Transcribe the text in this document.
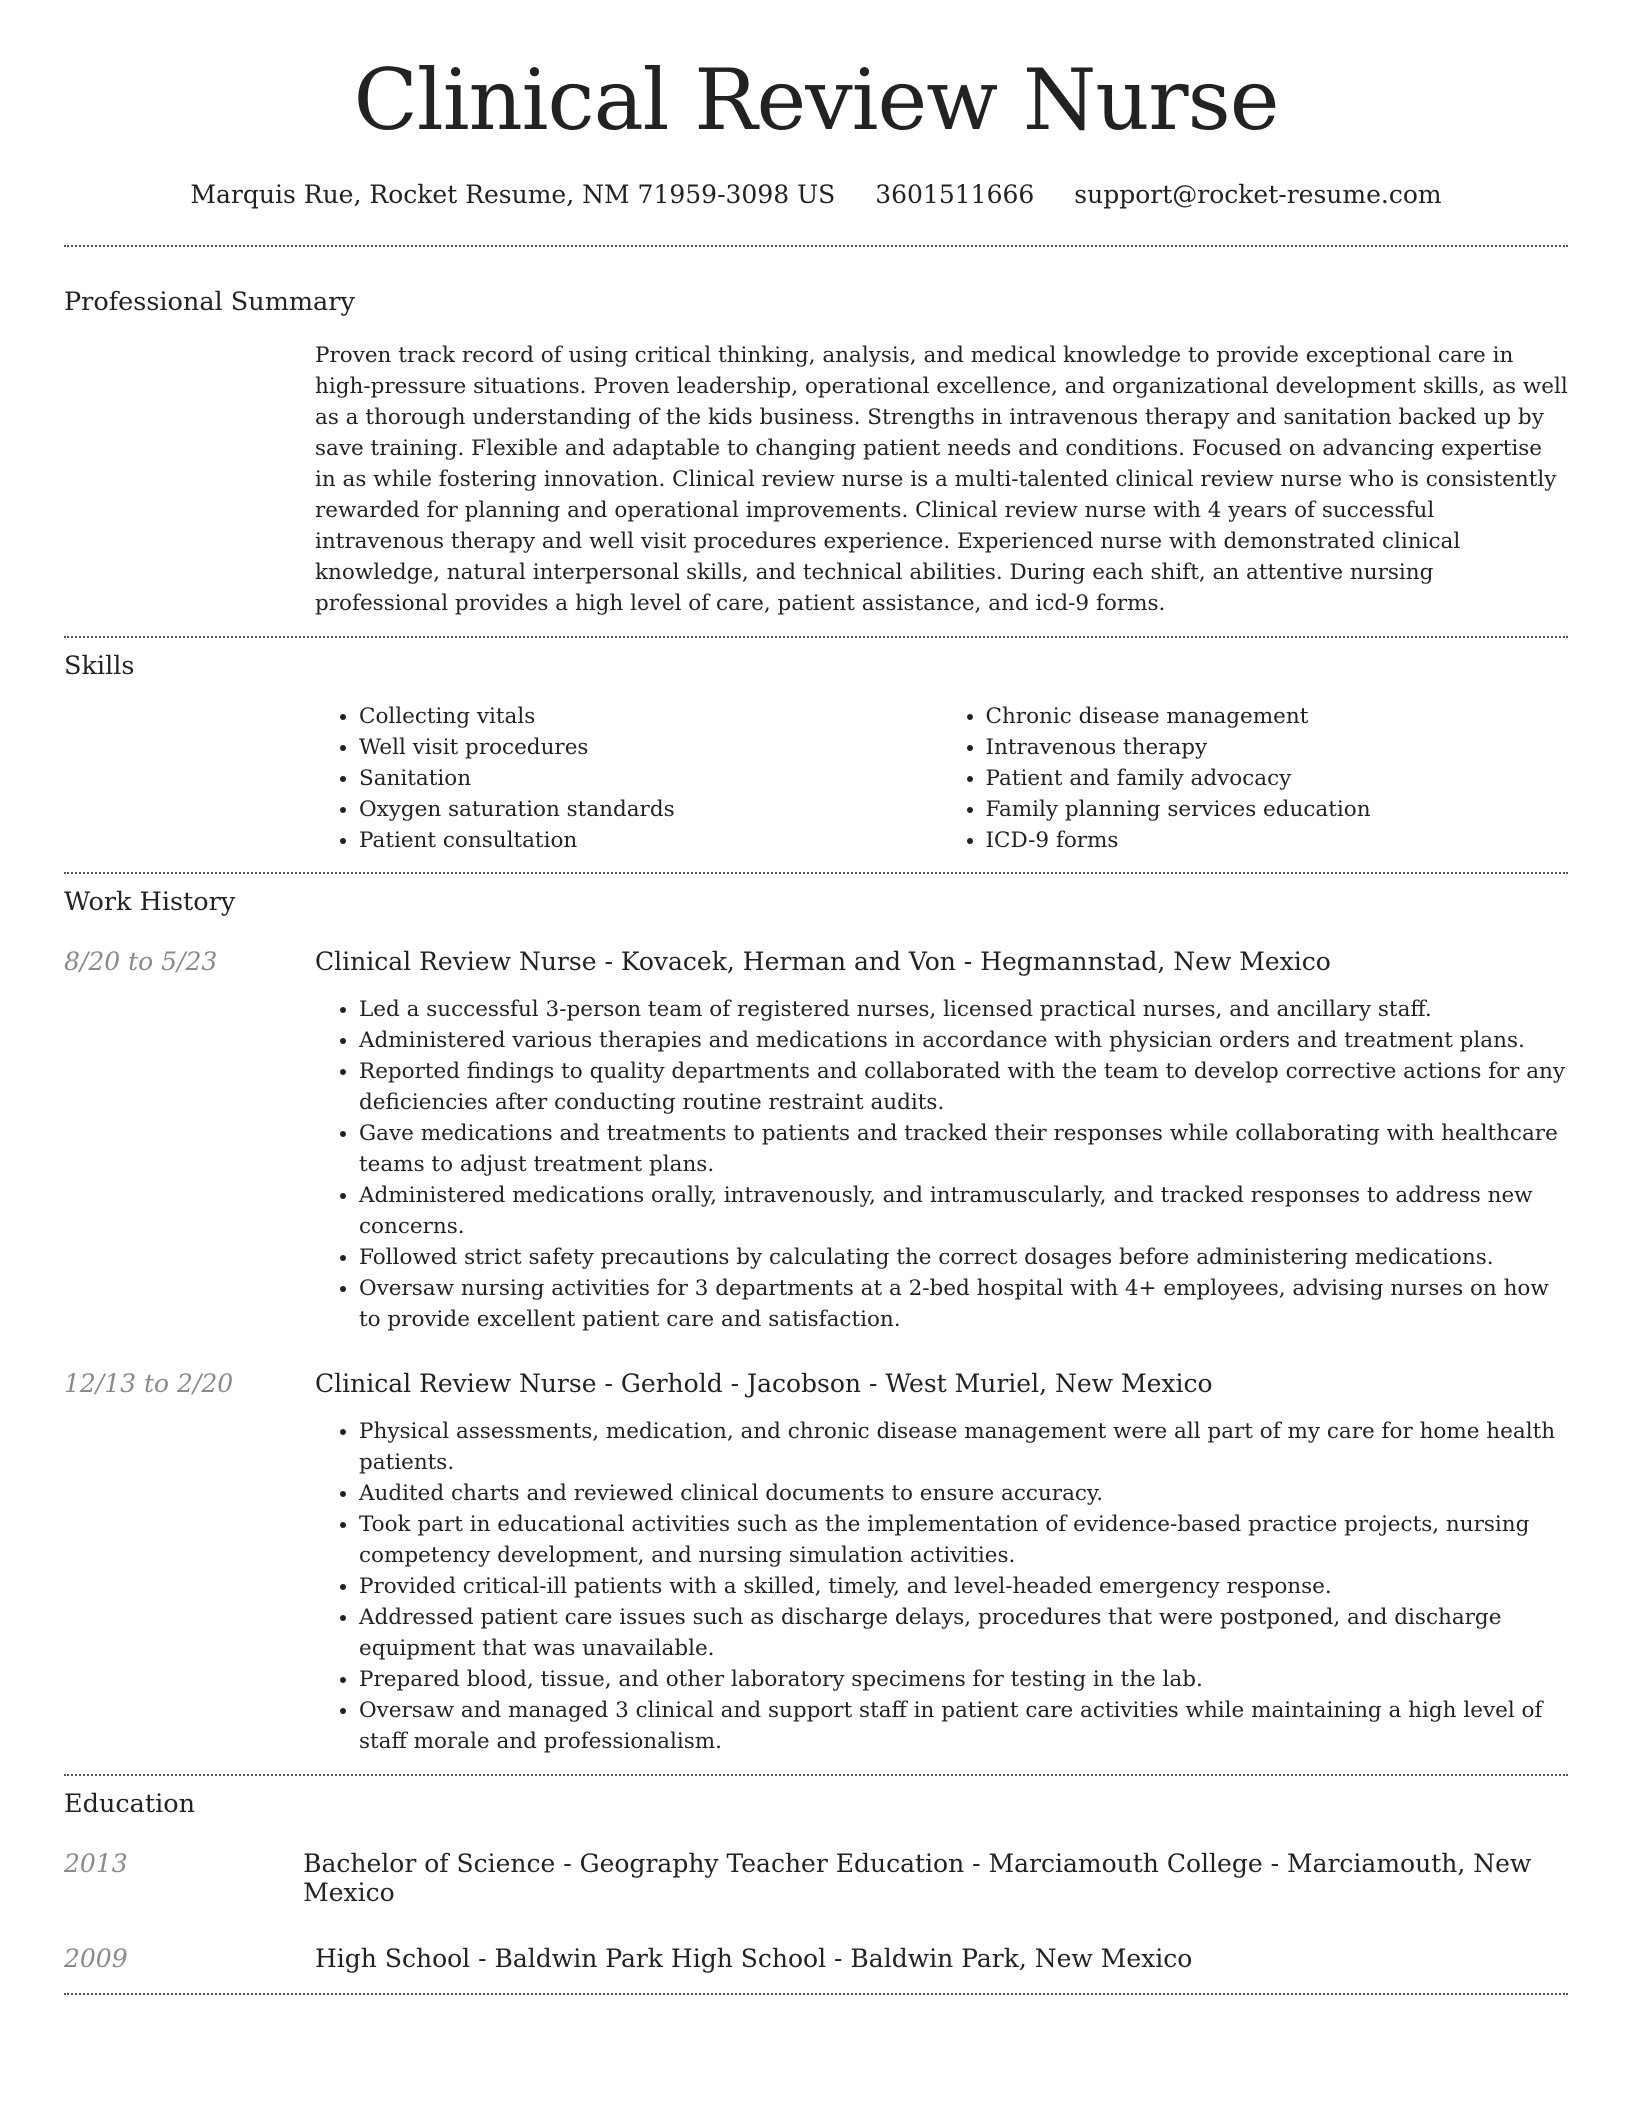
Clinical Review Nurse
Marquis Rue, Rocket Resume, NM 71959-3098 US 3601511666 support@rocket-resume.com
Professional Summary

Proven track record of using critical thinking, analysis, and medical knowledge to provide exceptional care in high-pressure situations. Proven leadership, operational excellence, and organizational development skills, as well as a thorough understanding of the kids business. Strengths in intravenous therapy and sanitation backed up by save training. Flexible and adaptable to changing patient needs and conditions. Focused on advancing expertise in as while fostering innovation. Clinical review nurse is a multi-talented clinical review nurse who is consistently rewarded for planning and operational improvements. Clinical review nurse with 4 years of successful intravenous therapy and well visit procedures experience. Experienced nurse with demonstrated clinical knowledge, natural interpersonal skills, and technical abilities. During each shift, an attentive nursing professional provides a high level of care, patient assistance, and icd-9 forms.

Skills
• Collecting vitals
• Well visit procedures
• Sanitation
• Oxygen saturation standards
• Patient consultation
• Chronic disease management
• Intravenous therapy
• Patient and family advocacy
• Family planning services education
• ICD-9 forms
Work History
8/20 to 5/23	Clinical Review Nurse - Kovacek, Herman and Von - Hegmannstad, New Mexico
• Led a successful 3-person team of registered nurses, licensed practical nurses, and ancillary staff.
• Administered various therapies and medications in accordance with physician orders and treatment plans.
• Reported findings to quality departments and collaborated with the team to develop corrective actions for any deficiencies after conducting routine restraint audits.
• Gave medications and treatments to patients and tracked their responses while collaborating with healthcare teams to adjust treatment plans.
• Administered medications orally, intravenously, and intramuscularly, and tracked responses to address new concerns.
• Followed strict safety precautions by calculating the correct dosages before administering medications.
• Oversaw nursing activities for 3 departments at a 2-bed hospital with 4+ employees, advising nurses on how to provide excellent patient care and satisfaction.
12/13 to 2/20	Clinical Review Nurse - Gerhold - Jacobson - West Muriel, New Mexico
• Physical assessments, medication, and chronic disease management were all part of my care for home health patients.
• Audited charts and reviewed clinical documents to ensure accuracy.
• Took part in educational activities such as the implementation of evidence-based practice projects, nursing competency development, and nursing simulation activities.
• Provided critical-ill patients with a skilled, timely, and level-headed emergency response.
• Addressed patient care issues such as discharge delays, procedures that were postponed, and discharge equipment that was unavailable.
• Prepared blood, tissue, and other laboratory specimens for testing in the lab.
• Oversaw and managed 3 clinical and support staff in patient care activities while maintaining a high level of staff morale and professionalism.
Education
2013	Bachelor of Science - Geography Teacher Education - Marciamouth College - Marciamouth, New Mexico
2009	High School - Baldwin Park High School - Baldwin Park, New Mexico
